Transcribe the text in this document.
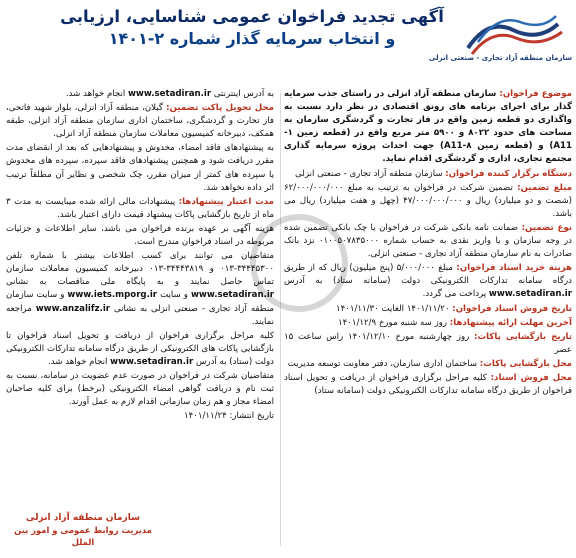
سازمان منطقه آزاد تجاری - صنعتی انزلی
آگهی تجدید فراخوان عمومی شناسایی، ارزیابی
و انتخاب سرمایه گذار شماره ۲-۱۴۰۱

موضوع فراخوان: سازمان منطقه آزاد انزلی در راستای جذب سرمایه گذار برای اجرای برنامه های رونق اقتصادی در نظر دارد نسبت به واگذاری دو قطعه زمین واقع در فاز تجارت و گردشگری سازمان به مساحت های حدود ۸۰۲۲ و ۵۹۰۰ متر مربع واقع در (قطعه زمین ۱-A11) و (قطعه زمین ۸-A11) جهت احداث پروژه سرمایه گذاری مجتمع تجاری، اداری و گردشگری اقدام نماید.

دستگاه برگزار کننده فراخوان: سازمان منطقه آزاد تجاری - صنعتی انزلی

مبلغ تضمین: تضمین شرکت در فراخوان به ترتیب به مبلغ ۶۲/۰۰۰/۰۰۰/۰۰۰ (شصت و دو میلیارد) ریال و ۴۷/۰۰۰/۰۰۰/۰۰۰ (چهل و هفت میلیارد) ریال می باشد.

نوع تضمین: ضمانت نامه بانکی شرکت در فراخوان یا چک بانکی تضمین شده در وجه سازمان و یا واریز نقدی به حساب شماره ۰۱۰۰۵۰۷۸۳۵۰۰۰ نزد بانک صادرات به نام سازمان منطقه آزاد تجاری - صنعتی انزلی.

هزینه خرید اسناد فراخوان: مبلغ ۵/۰۰۰/۰۰۰ (پنج میلیون) ریال که از طریق درگاه سامانه تدارکات الکترونیکی دولت (سامانه ستاد) به آدرس www.setadiran.ir پرداخت می گردد.

تاریخ فروش اسناد فراخوان: ۱۴۰۱/۱۱/۲۰ الغایت ۱۴۰۱/۱۱/۳۰

آخرین مهلت ارائه پیشنهادها: روز سه شنبه مورخ ۱۴۰۱/۱۲/۹

تاریخ بازگشایی پاکات: روز چهارشنبه مورخ ۱۴۰۱/۱۲/۱۰ راس ساعت ۱۵ عصر

محل بازگشایی پاکات: ساختمان اداری سازمان، دفتر معاونت توسعه مدیریت

محل فروش اسناد: کلیه مراحل برگزاری فراخوان از دریافت و تحویل اسناد فراخوان از طریق درگاه سامانه تدارکات الکترونیکی دولت (سامانه ستاد)

به آدرس اینترنتی www.setadiran.ir انجام خواهد شد.

محل تحویل پاکت تضمین: گیلان، منطقه آزاد انزلی، بلوار شهید فاتحی، فاز تجارت و گردشگری، ساختمان اداری سازمان منطقه آزاد انزلی، طبقه همکف، دبیرخانه کمیسیون معاملات سازمان منطقه آزاد انزلی.

به پیشنهادهای فاقد امضاء، مخدوش و پیشنهادهایی که بعد از انقضای مدت مقرر دریافت شود و همچنین پیشنهادهای فاقد سپرده، سپرده های مخدوش یا سپرده های کمتر از میزان مقرر، چک شخصی و نظایر آن مطلقاً ترتیب اثر داده نخواهد شد.

مدت اعتبار پیشنهادها: پیشنهادات مالی ارائه شده میبایست به مدت ۳ ماه از تاریخ بازگشایی پاکات پیشنهاد قیمت دارای اعتبار باشد.

هزینه آگهی بر عهده برنده فراخوان می باشد، سایر اطلاعات و جزئیات مربوطه در اسناد فراخوان مندرج است.

متقاضیان می توانند برای کسب اطلاعات بیشتر با شماره تلفن ۳۴۴۴۵۳۰۰-۰۱۳ و ۳۴۴۴۳۸۱۹-۰۱۳ دبیرخانه کمیسیون معاملات سازمان تماس حاصل نمایند و به پایگاه ملی مناقصات به نشانی www.setadiran.ir و سایت www.iets.mporg.ir و سایت سازمان منطقه آزاد تجاری - صنعتی انزلی به نشانی www.anzalifz.ir مراجعه نمایند.

کلیه مراحل برگزاری فراخوان از دریافت و تحویل اسناد فراخوان تا بازگشایی پاکات های الکترونیکی از طریق درگاه سامانه تدارکات الکترونیکی دولت (ستاد) به آدرس www.setadiran.ir انجام خواهد شد.

متقاضیان شرکت در فراخوان در صورت عدم عضویت در سامانه، نسبت به ثبت نام و دریافت گواهی امضاء الکترونیکی (برخط) برای کلیه صاحبان امضاء مجاز و هم زمان سازمانی اقدام لازم به عمل آورند.

تاریخ انتشار: ۱۴۰۱/۱۱/۲۴

سازمان منطقه آزاد انزلی
مدیریت روابط عمومی و امور بین الملل
